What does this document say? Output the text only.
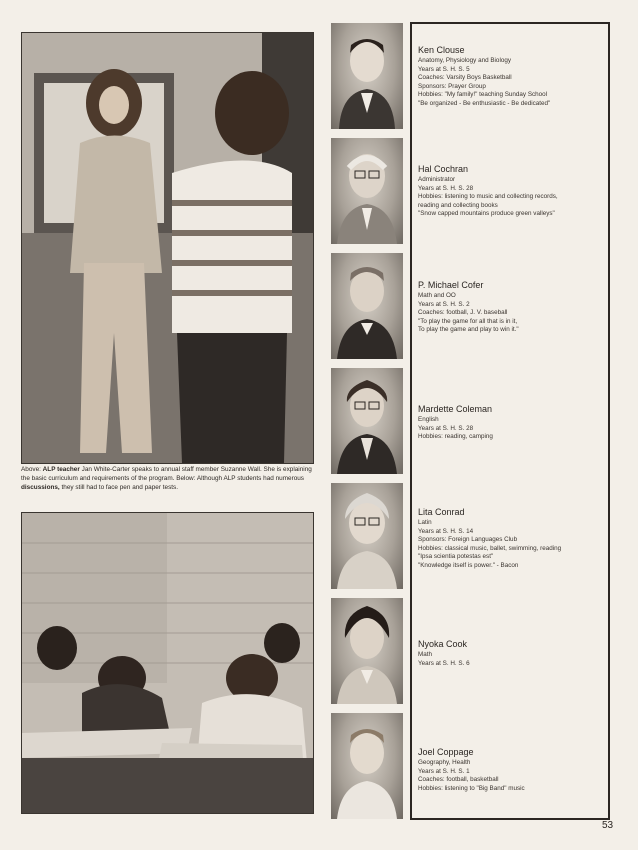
Above: ALP teacher Jan White-Carter speaks to annual staff member Suzanne Wall. She is explaining the basic curriculum and requirements of the program. Below: Although ALP students had numerous discussions, they still had to face pen and paper tests.
Ken Clouse
Anatomy, Physiology and Biology
Years at S. H. S. 5
Coaches: Varsity Boys Basketball
Sponsors: Prayer Group
Hobbies: "My family!" teaching Sunday School
"Be organized - Be enthusiastic - Be dedicated"
Hal Cochran
Administrator
Years at S. H. S. 28
Hobbies: listening to music and collecting records,
reading and collecting books
"Snow capped mountains produce green valleys"
P. Michael Cofer
Math and OO
Years at S. H. S. 2
Coaches: football, J. V. baseball
"To play the game for all that is in it,
To play the game and play to win it."
Mardette Coleman
English
Years at S. H. S. 28
Hobbies: reading, camping
Lita Conrad
Latin
Years at S. H. S. 14
Sponsors: Foreign Languages Club
Hobbies: classical music, ballet, swimming, reading
"Ipsa scientia potestas est"
"Knowledge itself is power." - Bacon
Nyoka Cook
Math
Years at S. H. S. 6
Joel Coppage
Geography, Health
Years at S. H. S. 1
Coaches: football, basketball
Hobbies: listening to "Big Band" music
53
